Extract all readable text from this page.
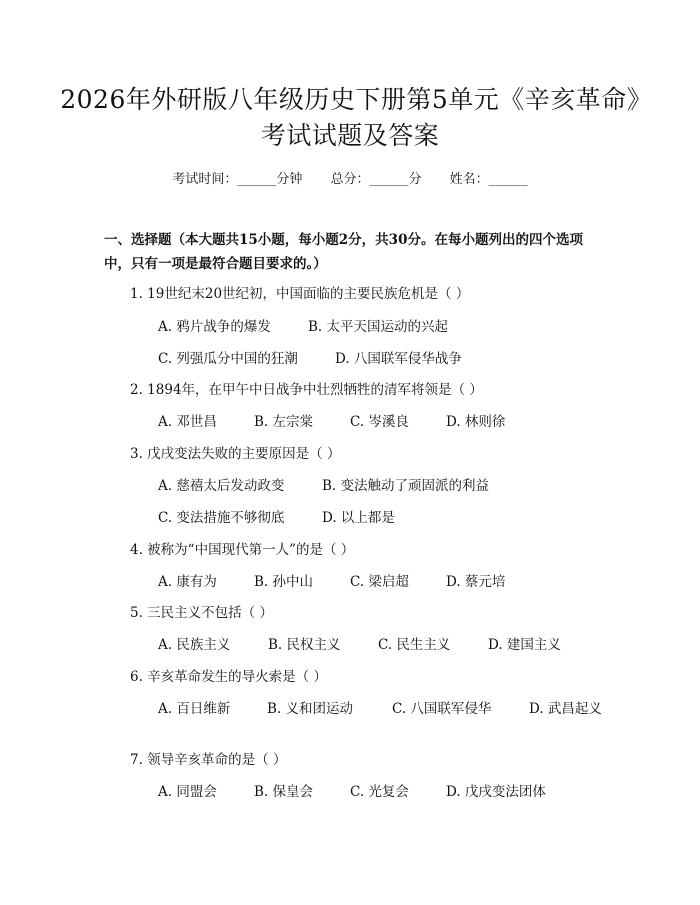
2026年外研版八年级历史下册第5单元《辛亥革命》考试试题及答案
考试时间：______分钟 总分：______分 姓名：______
一、选择题（本大题共15小题，每小题2分，共30分。在每小题列出的四个选项中，只有一项是最符合题目要求的。）
1. 19世纪末20世纪初，中国面临的主要民族危机是（ ）
A. 鸦片战争的爆发	B. 太平天国运动的兴起
C. 列强瓜分中国的狂潮	D. 八国联军侵华战争
2. 1894年，在甲午中日战争中壮烈牺牲的清军将领是（ ）
A. 邓世昌	B. 左宗棠	C. 岑溪良	D. 林则徐
3. 戊戌变法失败的主要原因是（ ）
A. 慈禧太后发动政变	B. 变法触动了顽固派的利益
C. 变法措施不够彻底	D. 以上都是
4. 被称为“中国现代第一人”的是（ ）
A. 康有为	B. 孙中山	C. 梁启超	D. 蔡元培
5. 三民主义不包括（ ）
A. 民族主义	B. 民权主义	C. 民生主义	D. 建国主义
6. 辛亥革命发生的导火索是（ ）
A. 百日维新	B. 义和团运动	C. 八国联军侵华	D. 武昌起义
7. 领导辛亥革命的是（ ）
A. 同盟会	B. 保皇会	C. 光复会	D. 戊戌变法团体
